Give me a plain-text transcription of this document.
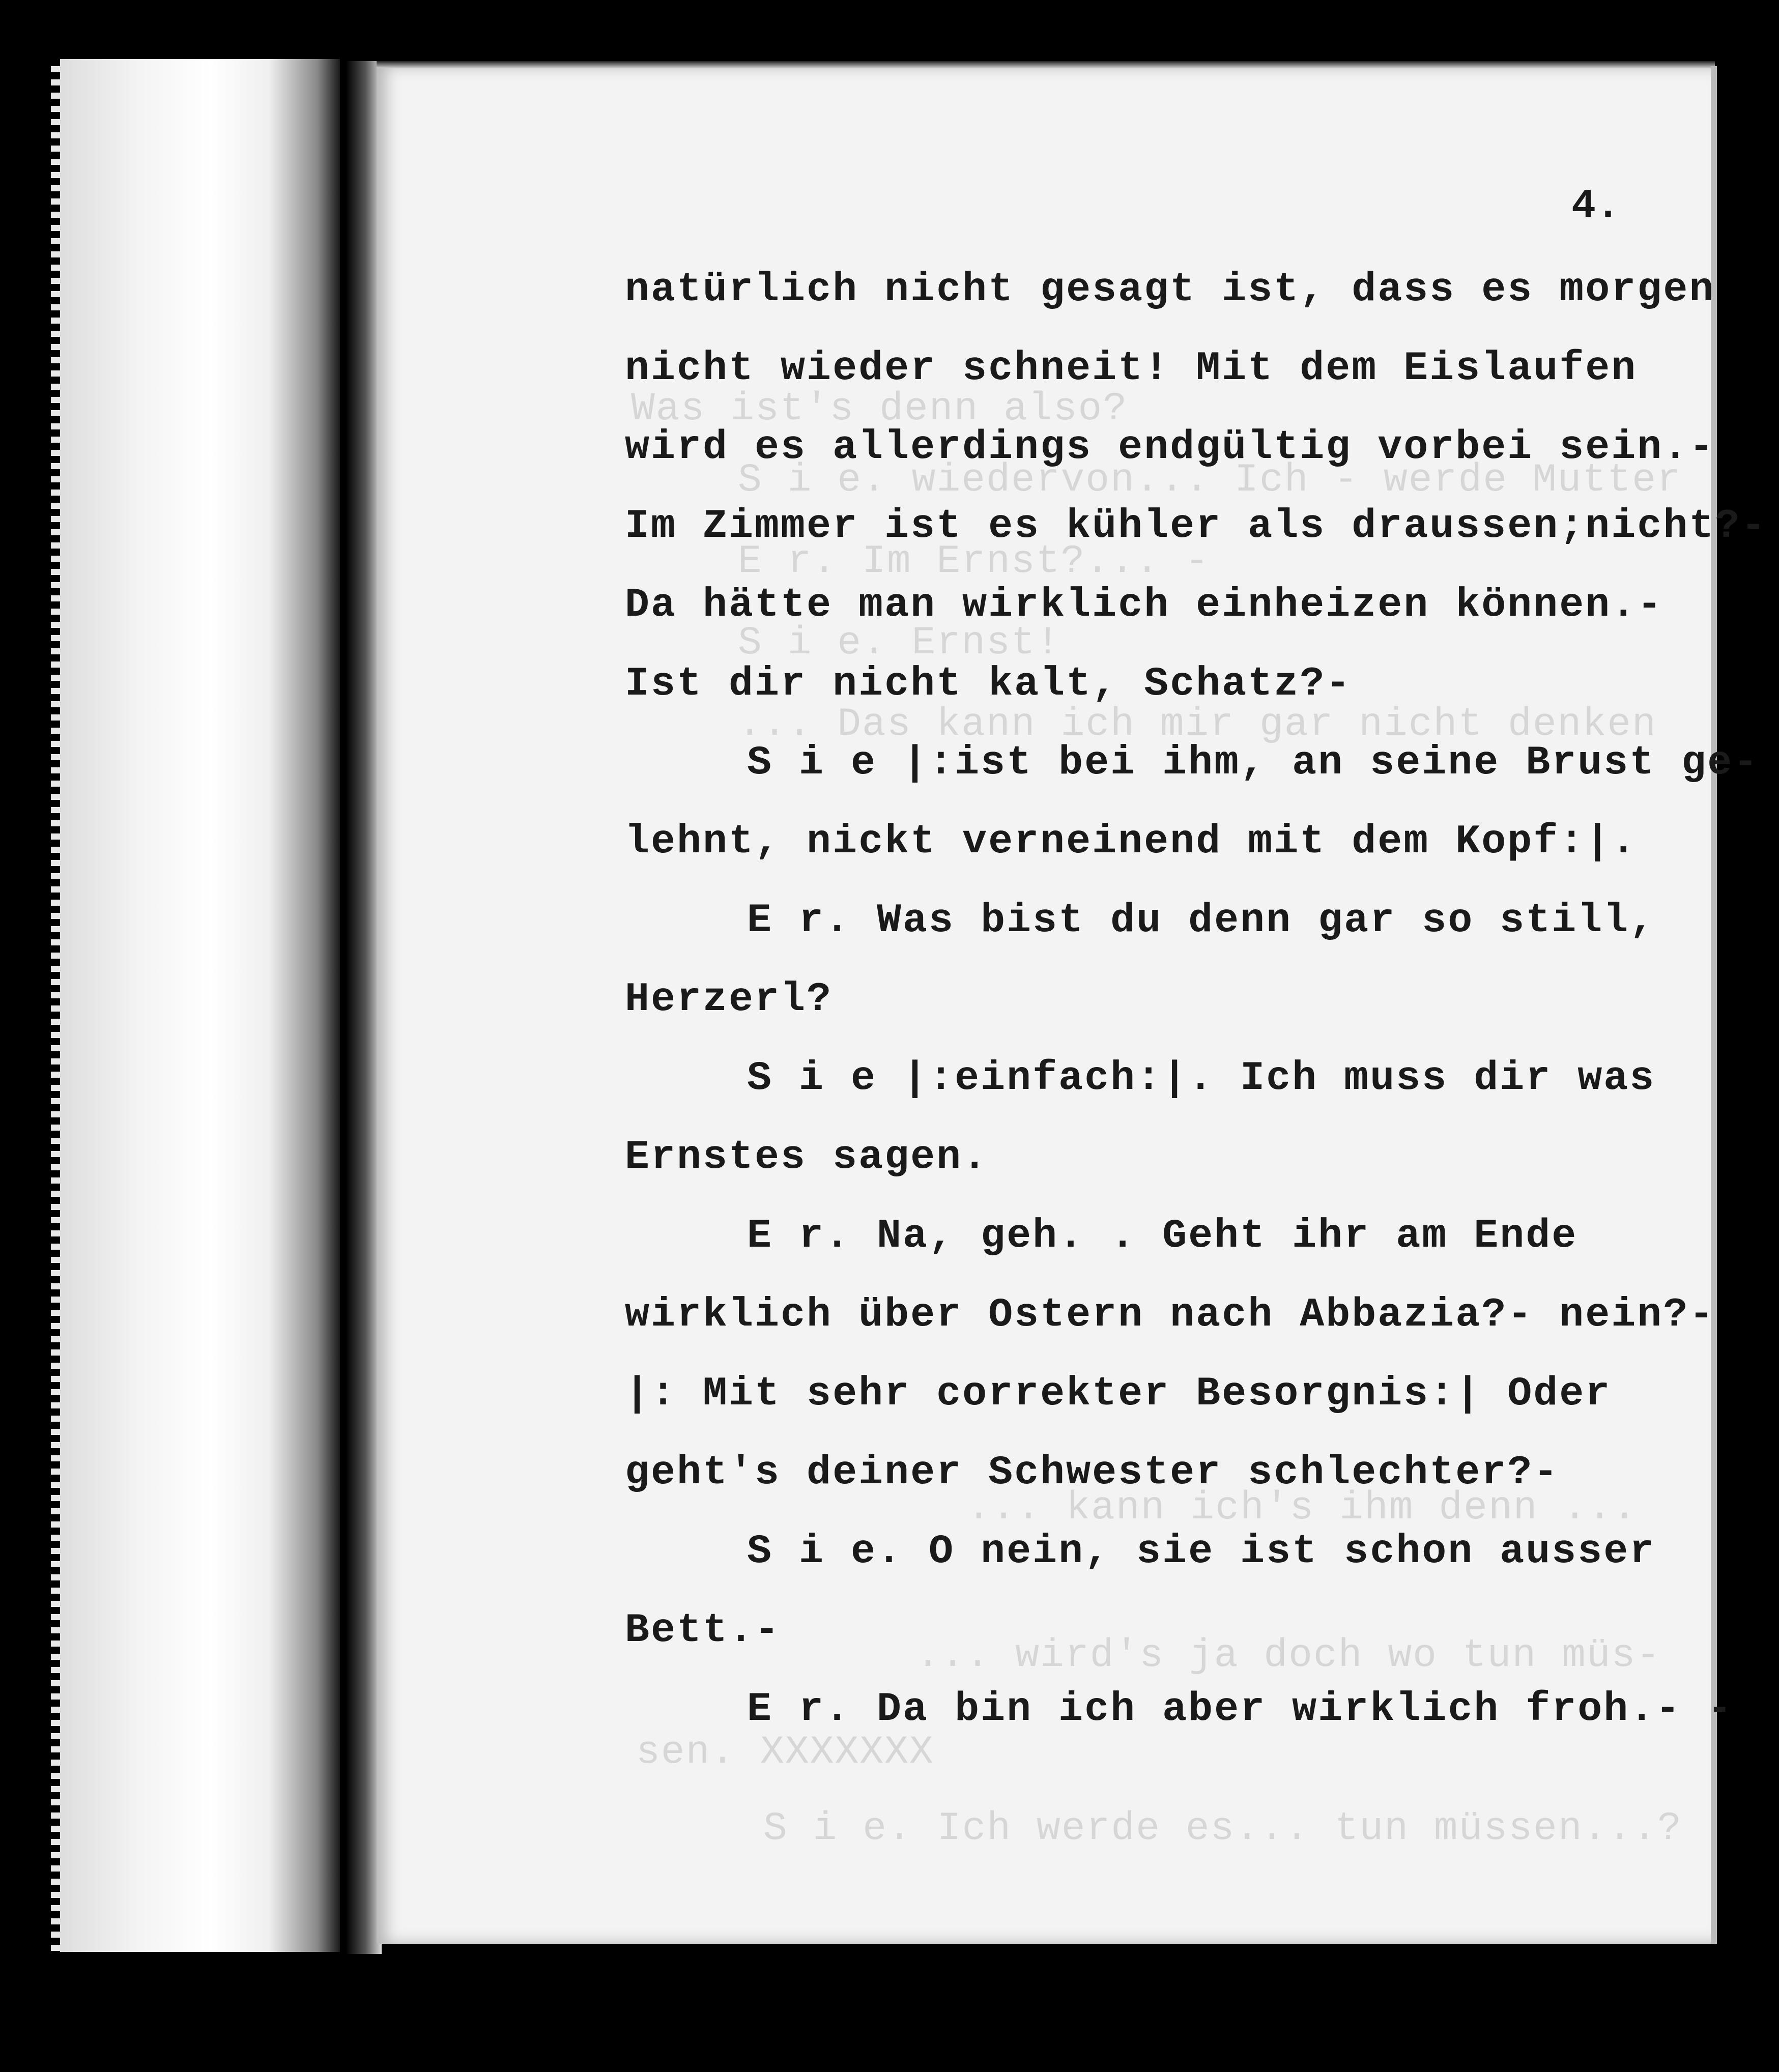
Was ist's denn also?
S i e. wiedervon... Ich - werde Mutter
E r. Im Ernst?... -
S i e. Ernst!
... Das kann ich mir gar nicht denken
... kann ich's ihm denn ...
... wird's ja doch wo tun müs-
sen. XXXXXXX
S i e. Ich werde es... tun müssen...?
4.
natürlich nicht gesagt ist, dass es morgen
nicht wieder schneit! Mit dem Eislaufen
wird es allerdings endgültig vorbei sein.-
Im Zimmer ist es kühler als draussen;nicht?-
Da hätte man wirklich einheizen können.-
Ist dir nicht kalt, Schatz?-
S i e |:ist bei ihm, an seine Brust ge-
lehnt, nickt verneinend mit dem Kopf:|.
E r. Was bist du denn gar so still,
Herzerl?
S i e |:einfach:|. Ich muss dir was
Ernstes sagen.
E r. Na, geh. . Geht ihr am Ende
wirklich über Ostern nach Abbazia?- nein?-
|: Mit sehr correkter Besorgnis:| Oder
geht's deiner Schwester schlechter?-
S i e. O nein, sie ist schon ausser
Bett.-
E r. Da bin ich aber wirklich froh.- -
